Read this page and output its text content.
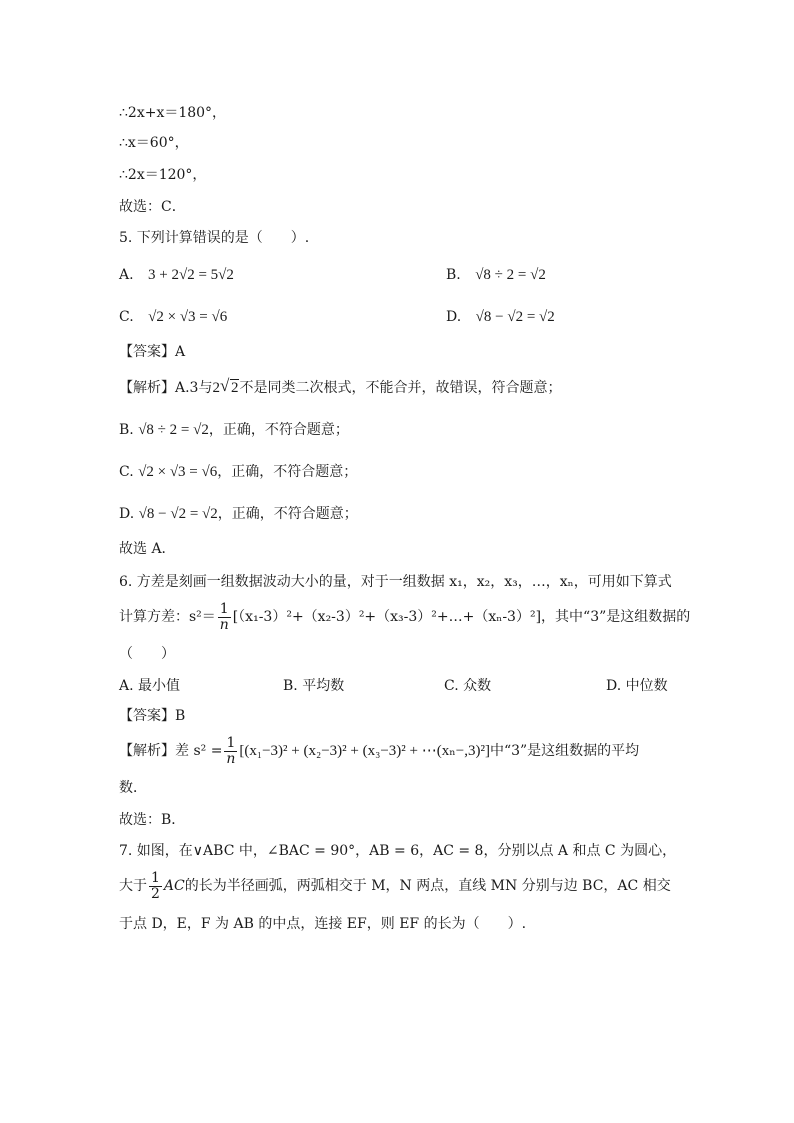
∴2x+x＝180°，
∴x＝60°，
∴2x＝120°，
故选：C．
5. 下列计算错误的是（　　）.
A. 3 + 2√2 = 5√2	B. √8 ÷ 2 = √2
C. √2 × √3 = √6	D. √8 − √2 = √2
【答案】A
【解析】A.3与2√ 2不是同类二次根式，不能合并，故错误，符合题意；
B. √8 ÷ 2 = √2，正确，不符合题意；
C. √2 × √3 = √6，正确，不符合题意；
D. √8 − √2 = √2，正确，不符合题意；
故选 A．
6. 方差是刻画一组数据波动大小的量，对于一组数据 x₁，x₂，x₃，…，xₙ，可用如下算式
计算方差：$s^2= \frac{1}{n}$ [（x₁-3）²+（x₂-3）²+（x₃-3）²+…+（xₙ-3）²]，其中“3”是这组数据的
（　　）
A. 最小值	B. 平均数	C. 众数	D. 中位数
【答案】B
【解析】差 $s^2 = \frac{1}{n} [(x_1-3)^2 + (x_2-3)^2 + (x_3-3)^2$ + ⋯(xₙ−,3)²]中“3”是这组数据的平均
数．
故选：B．
7. 如图，在∨ABC 中，∠BAC = 90°，AB = 6，AC = 8，分别以点 A 和点 C 为圆心，
大于 $\frac{1}{2}$ AC的长为半径画弧，两弧相交于 M，N 两点，直线 MN 分别与边 BC，AC 相交
于点 D，E，F 为 AB 的中点，连接 EF，则 EF 的长为（　　）.
